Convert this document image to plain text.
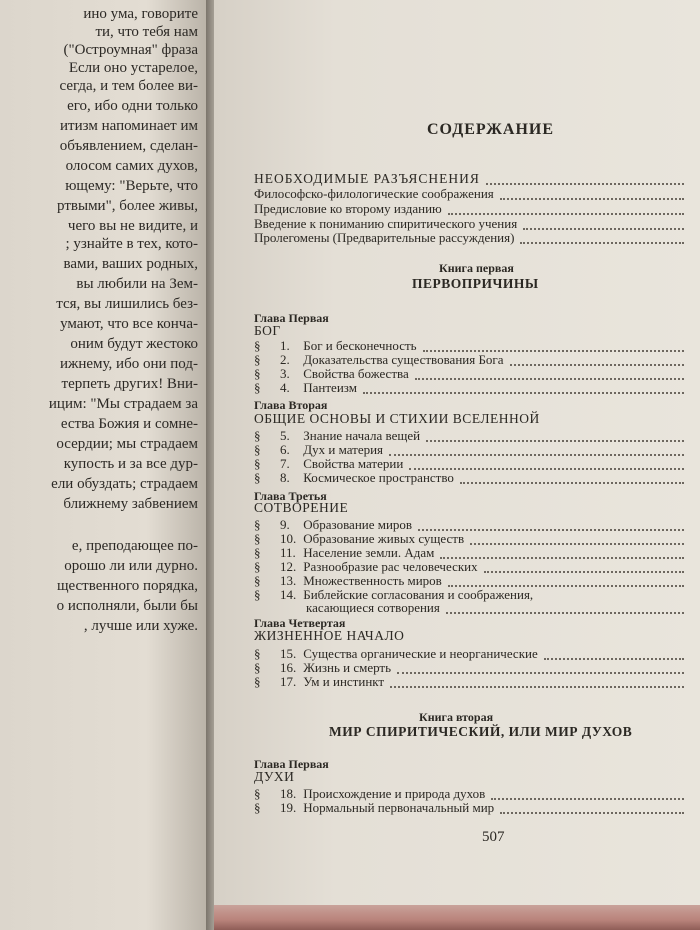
ино ума, говорите
ти, что тебя нам
("Остроумная" фраза
Если оно устарелое,
сегда, и тем более ви-
его, ибо одни только
итизм напоминает им
объявлением, сделан-
олосом самих духов,
ющему: "Верьте, что
ртвыми", более живы,
чего вы не видите, и
; узнайте в тех, кото-
вами, ваших родных,
вы любили на Зем-
тся, вы лишились без-
умают, что все конча-
оним будут жестоко
ижнему, ибо они под-
терпеть других! Вни-
ицим: "Мы страдаем за
ества Божия и сомне-
осердии; мы страдаем
купость и за все дур-
ели обуздать; страдаем
ближнему забвением
е, преподающее по-
орошо ли или дурно.
щественного порядка,
о исполняли, были бы
, лучше или хуже.
СОДЕРЖАНИЕ
НЕОБХОДИМЫЕ РАЗЪЯСНЕНИЯ
Философско-филологические соображения
Предисловие ко второму изданию
Введение к пониманию спиритического учения
Пролегомены (Предварительные рассуждения)
Книга первая
ПЕРВОПРИЧИНЫ
Глава Первая
БОГ
§ 1. Бог и бесконечность
§ 2. Доказательства существования Бога
§ 3. Свойства божества
§ 4. Пантеизм
Глава Вторая
ОБЩИЕ ОСНОВЫ И СТИХИИ ВСЕЛЕННОЙ
§ 5. Знание начала вещей
§ 6. Дух и материя
§ 7. Свойства материи
§ 8. Космическое пространство
Глава Третья
СОТВОРЕНИЕ
§ 9. Образование миров
§ 10. Образование живых существ
§ 11. Население земли. Адам
§ 12. Разнообразие рас человеческих
§ 13. Множественность миров
§ 14. Библейские согласования и соображения,
касающиеся сотворения
Глава Четвертая
ЖИЗНЕННОЕ НАЧАЛО
§ 15. Существа органические и неорганические
§ 16. Жизнь и смерть
§ 17. Ум и инстинкт
Книга вторая
МИР СПИРИТИЧЕСКИЙ, ИЛИ МИР ДУХОВ
Глава Первая
ДУХИ
§ 18. Происхождение и природа духов
§ 19. Нормальный первоначальный мир
507
